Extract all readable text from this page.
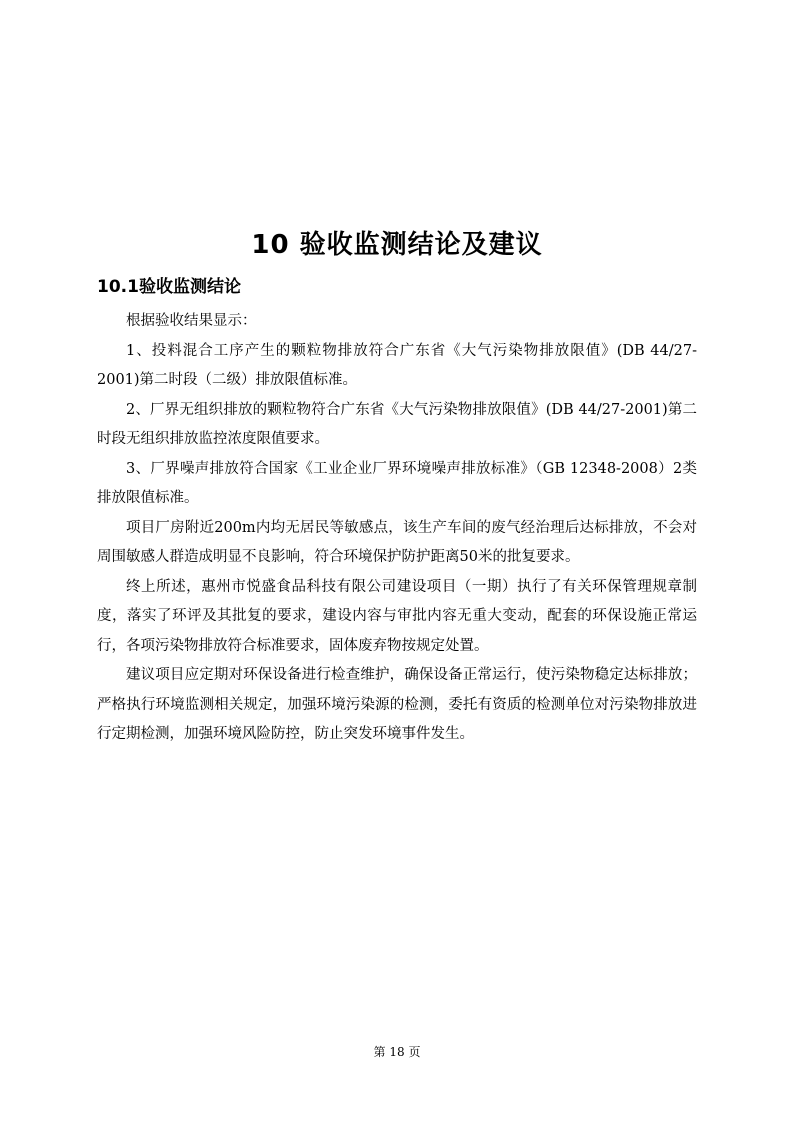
10 验收监测结论及建议
10.1验收监测结论

根据验收结果显示：

1、投料混合工序产生的颗粒物排放符合广东省《大气污染物排放限值》(DB 44/27-2001)第二时段（二级）排放限值标准。

2、厂界无组织排放的颗粒物符合广东省《大气污染物排放限值》(DB 44/27-2001)第二时段无组织排放监控浓度限值要求。

3、厂界噪声排放符合国家《工业企业厂界环境噪声排放标准》（GB 12348-2008）2类排放限值标准。

项目厂房附近200m内均无居民等敏感点，该生产车间的废气经治理后达标排放，不会对周围敏感人群造成明显不良影响，符合环境保护防护距离50米的批复要求。

终上所述，惠州市悦盛食品科技有限公司建设项目（一期）执行了有关环保管理规章制度，落实了环评及其批复的要求，建设内容与审批内容无重大变动，配套的环保设施正常运行，各项污染物排放符合标准要求，固体废弃物按规定处置。

建议项目应定期对环保设备进行检查维护，确保设备正常运行，使污染物稳定达标排放；严格执行环境监测相关规定，加强环境污染源的检测，委托有资质的检测单位对污染物排放进行定期检测，加强环境风险防控，防止突发环境事件发生。

第 18 页
